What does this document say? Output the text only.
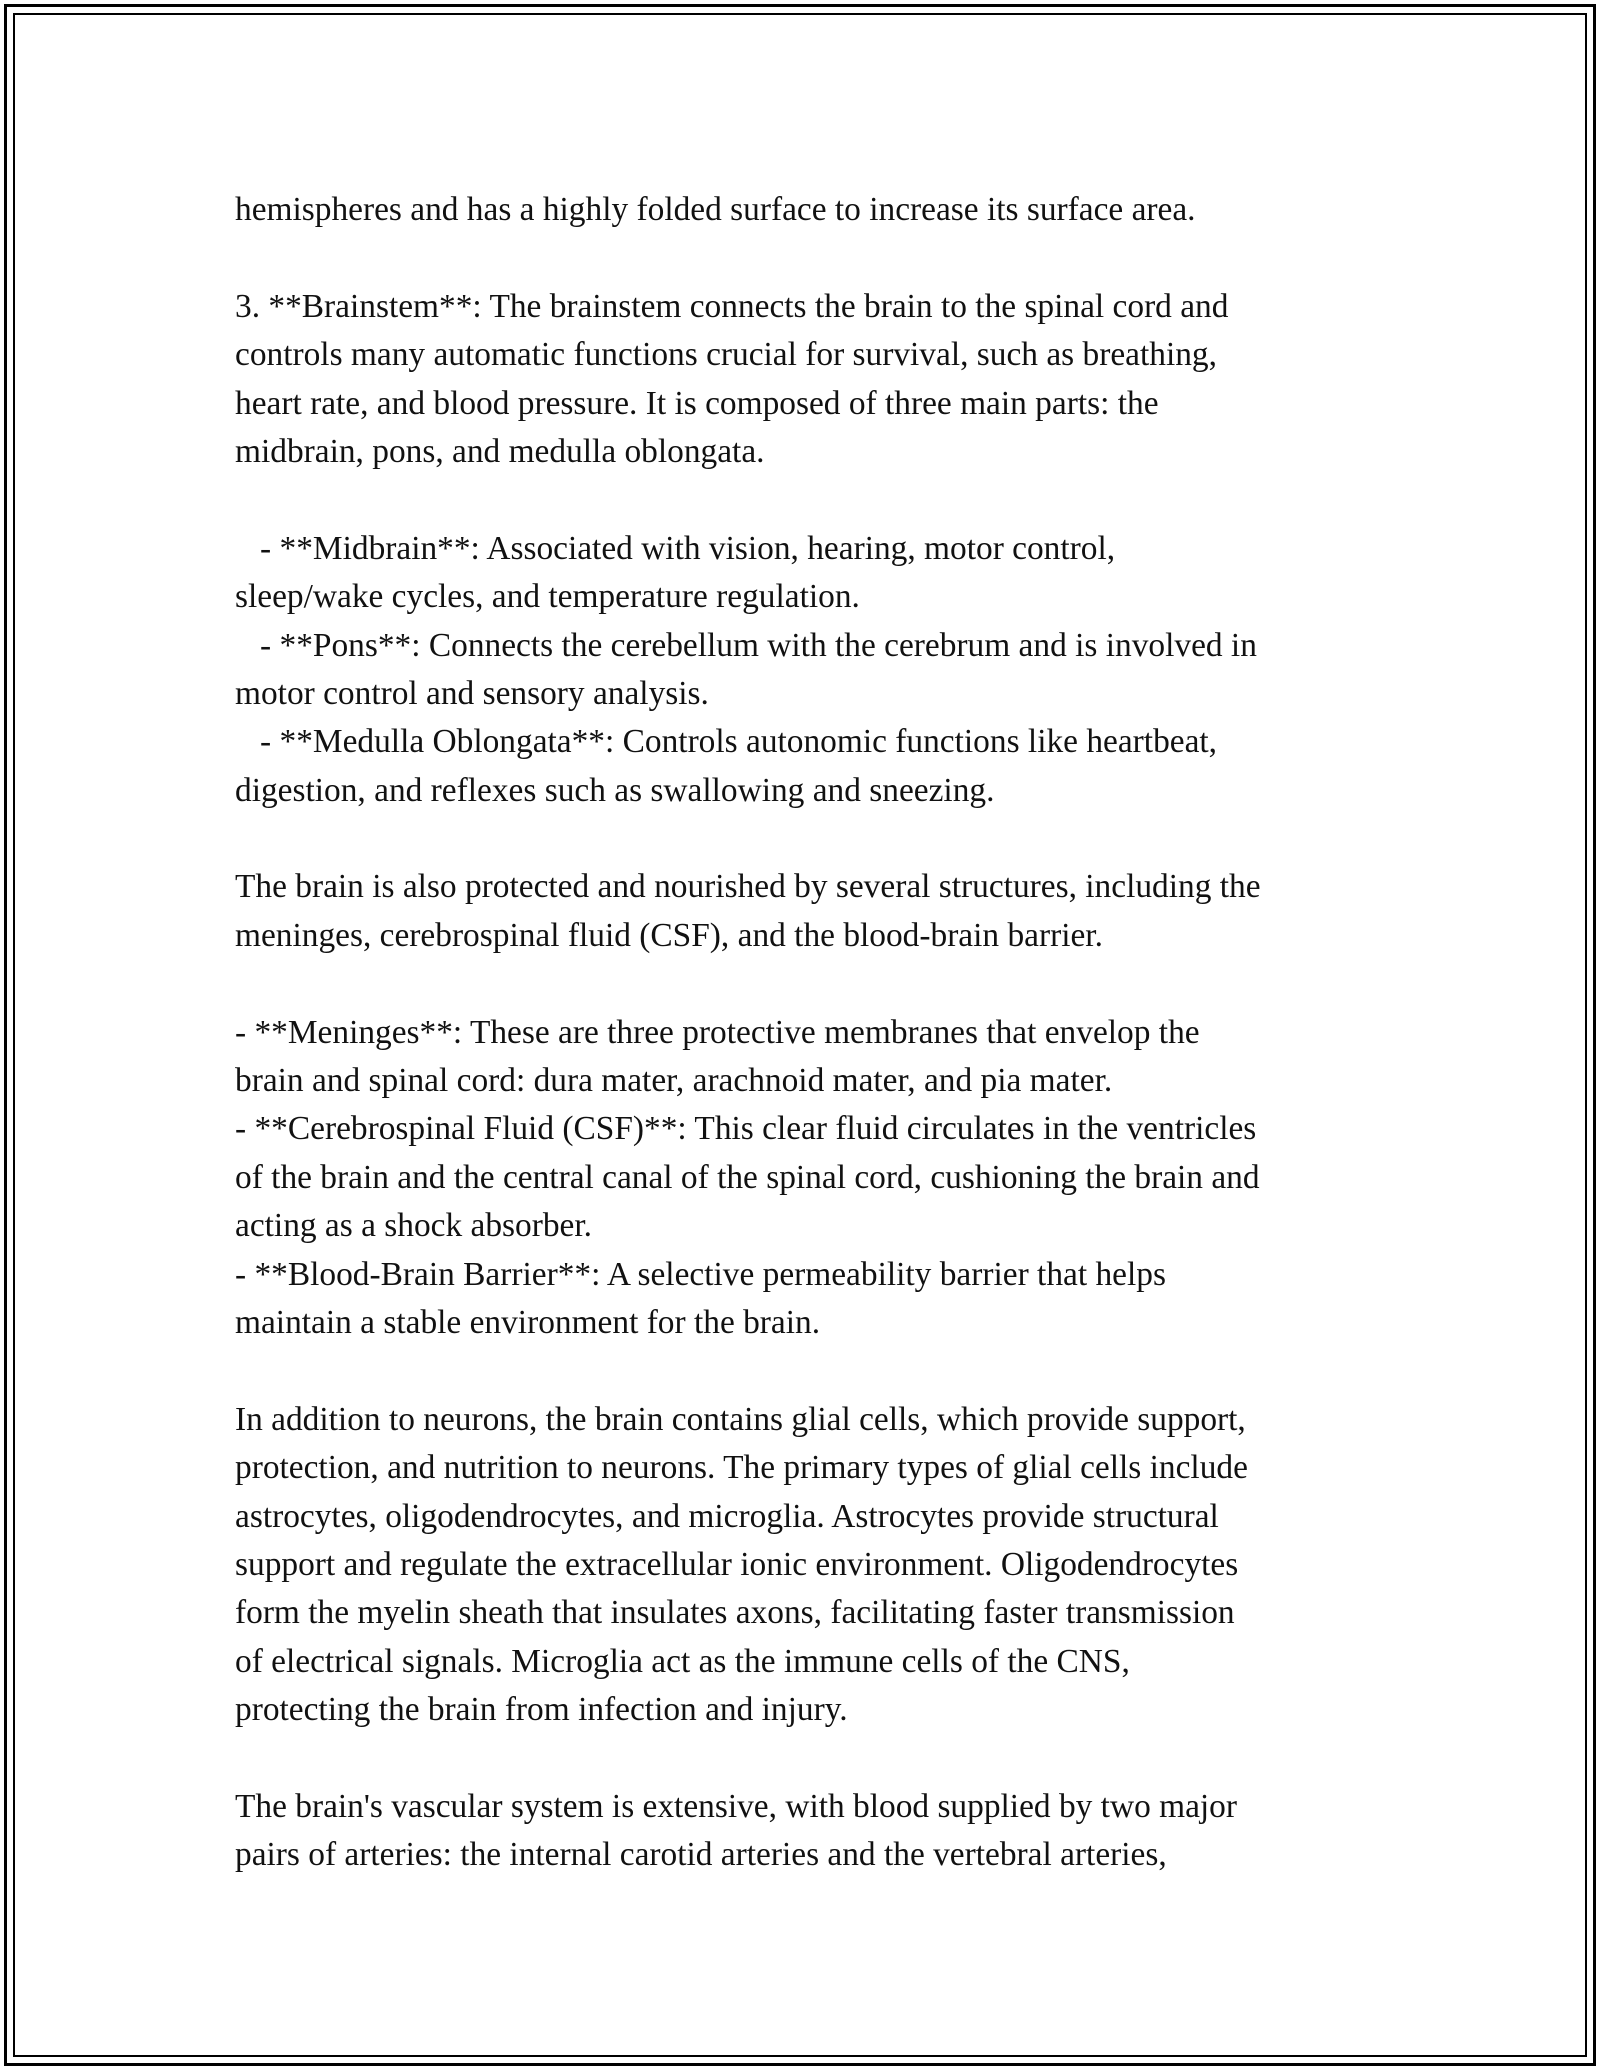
hemispheres and has a highly folded surface to increase its surface area.
3. **Brainstem**: The brainstem connects the brain to the spinal cord and
controls many automatic functions crucial for survival, such as breathing,
heart rate, and blood pressure. It is composed of three main parts: the
midbrain, pons, and medulla oblongata.
- **Midbrain**: Associated with vision, hearing, motor control,
sleep/wake cycles, and temperature regulation.
- **Pons**: Connects the cerebellum with the cerebrum and is involved in
motor control and sensory analysis.
- **Medulla Oblongata**: Controls autonomic functions like heartbeat,
digestion, and reflexes such as swallowing and sneezing.
The brain is also protected and nourished by several structures, including the
meninges, cerebrospinal fluid (CSF), and the blood-brain barrier.
- **Meninges**: These are three protective membranes that envelop the
brain and spinal cord: dura mater, arachnoid mater, and pia mater.
- **Cerebrospinal Fluid (CSF)**: This clear fluid circulates in the ventricles
of the brain and the central canal of the spinal cord, cushioning the brain and
acting as a shock absorber.
- **Blood-Brain Barrier**: A selective permeability barrier that helps
maintain a stable environment for the brain.
In addition to neurons, the brain contains glial cells, which provide support,
protection, and nutrition to neurons. The primary types of glial cells include
astrocytes, oligodendrocytes, and microglia. Astrocytes provide structural
support and regulate the extracellular ionic environment. Oligodendrocytes
form the myelin sheath that insulates axons, facilitating faster transmission
of electrical signals. Microglia act as the immune cells of the CNS,
protecting the brain from infection and injury.
The brain's vascular system is extensive, with blood supplied by two major
pairs of arteries: the internal carotid arteries and the vertebral arteries,
